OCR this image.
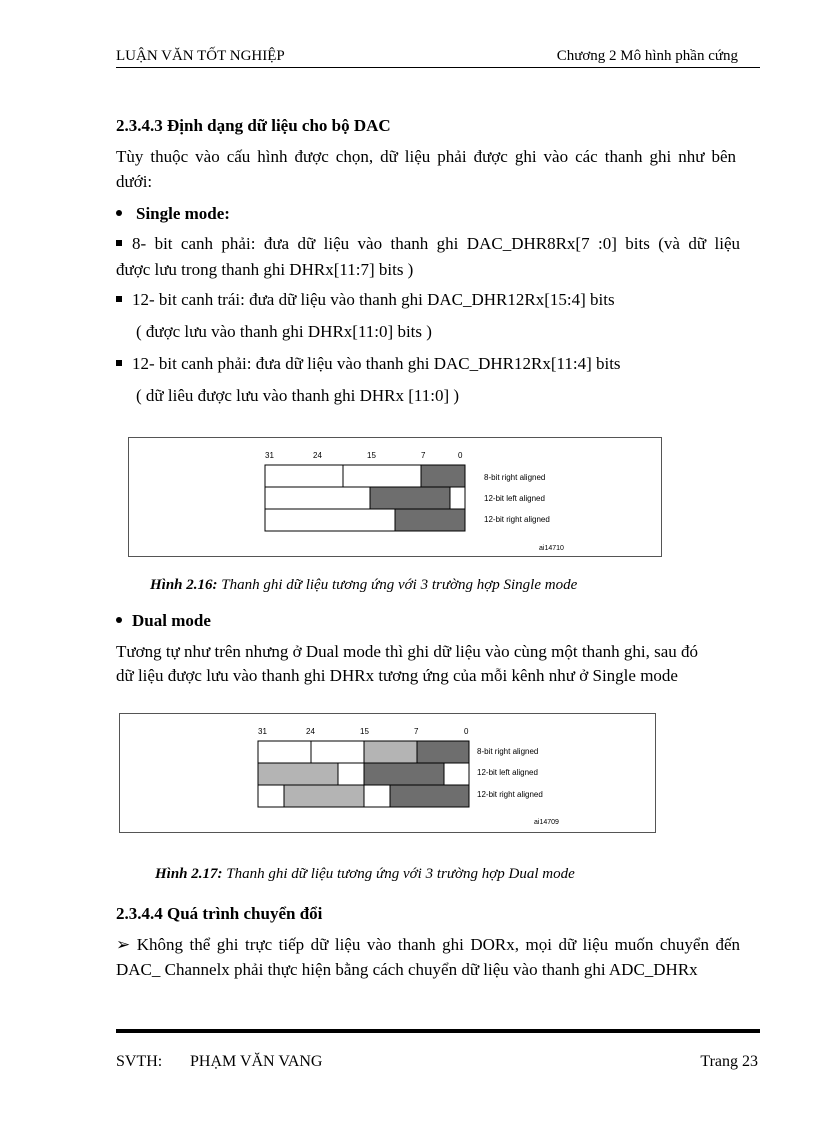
LUẬN VĂN TỐT NGHIỆP	Chương 2 Mô hình phần cứng
2.3.4.3 Định dạng dữ liệu cho bộ DAC
Tùy thuộc vào cấu hình được chọn, dữ liệu phải được ghi vào các thanh ghi như bên
dưới:
Single mode:
8- bit canh phải: đưa dữ liệu vào thanh ghi DAC_DHR8Rx[7 :0] bits (và dữ liệu
được lưu trong thanh ghi DHRx[11:7] bits )
12- bit canh trái: đưa dữ liệu vào thanh ghi DAC_DHR12Rx[15:4] bits
( được lưu vào thanh ghi DHRx[11:0] bits )
12- bit canh phải: đưa dữ liệu vào thanh ghi DAC_DHR12Rx[11:4] bits
( dữ liêu được lưu vào thanh ghi DHRx [11:0] )
31	24	15	7	0
8-bit right aligned
12-bit left aligned
12-bit right aligned
ai14710
Hình 2.16: Thanh ghi dữ liệu tương ứng với 3 trường hợp Single mode
Dual mode
Tương tự như trên nhưng ở Dual mode thì ghi dữ liệu vào cùng một thanh ghi, sau đó
dữ liệu được lưu vào thanh ghi DHRx tương ứng của mỗi kênh như ở Single mode
31	24	15	7	0
8-bit right aligned
12-bit left aligned
12-bit right aligned
ai14709
Hình 2.17: Thanh ghi dữ liệu tương ứng với 3 trường hợp Dual mode
2.3.4.4 Quá trình chuyển đổi
➢ Không thể ghi trực tiếp dữ liệu vào thanh ghi DORx, mọi dữ liệu muốn chuyển đến
DAC_ Channelx phải thực hiện bằng cách chuyển dữ liệu vào thanh ghi ADC_DHRx
SVTH: PHẠM VĂN VANG	Trang 23
